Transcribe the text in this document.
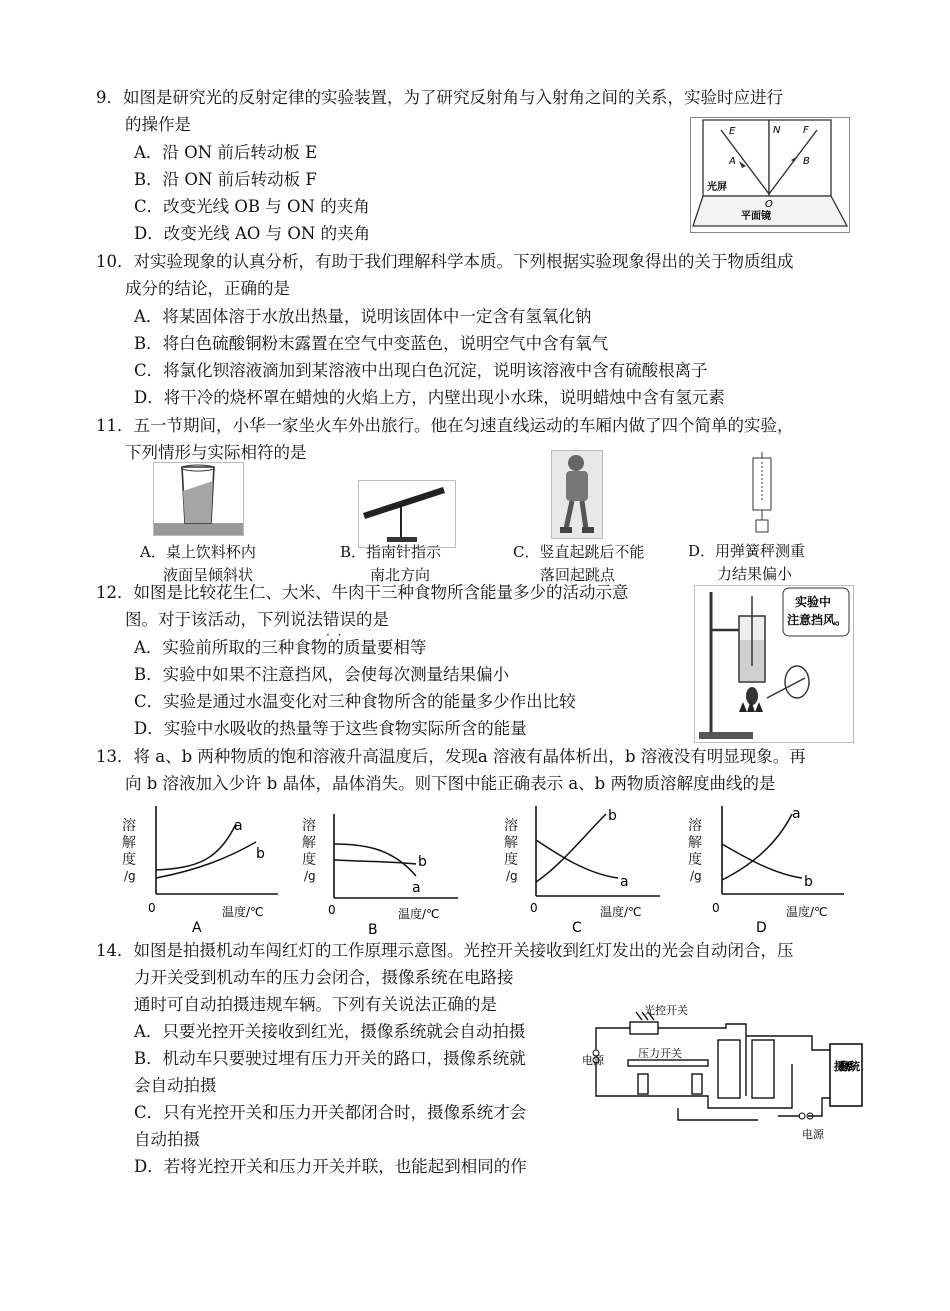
9．如图是研究光的反射定律的实验装置，为了研究反射角与入射角之间的关系，实验时应进行
的操作是
A．沿 ON 前后转动板 E
B．沿 ON 前后转动板 F
C．改变光线 OB 与 ON 的夹角
D．改变光线 AO 与 ON 的夹角
E	N F
A	B
O
光屏
平面镜
10．对实验现象的认真分析，有助于我们理解科学本质。下列根据实验现象得出的关于物质组成
成分的结论，正确的是
A．将某固体溶于水放出热量，说明该固体中一定含有氢氧化钠
B．将白色硫酸铜粉末露置在空气中变蓝色，说明空气中含有氧气
C．将氯化钡溶液滴加到某溶液中出现白色沉淀，说明该溶液中含有硫酸根离子
D．将干冷的烧杯罩在蜡烛的火焰上方，内壁出现小水珠，说明蜡烛中含有氢元素
11．五一节期间，小华一家坐火车外出旅行。他在匀速直线运动的车厢内做了四个简单的实验，
下列情形与实际相符的是
A．桌上饮料杯内
液面呈倾斜状
B．指南针指示
南北方向
C．竖直起跳后不能
落回起跳点
D．用弹簧秤测重
力结果偏小
12．如图是比较花生仁、大米、牛肉干三种食物所含能量多少的活动示意
图。对于该活动，下列说法错误 · ·的是
A．实验前所取的三种食物的质量要相等
B．实验中如果不注意挡风，会使每次测量结果偏小
C．实验是通过水温变化对三种食物所含的能量多少作出比较
D．实验中水吸收的热量等于这些食物实际所含的能量
实验中
注意挡风。
13．将 a、b 两种物质的饱和溶液升高温度后，发现a 溶液有晶体析出，b 溶液没有明显现象。再
向 b 溶液加入少许 b 晶体，晶体消失。则下图中能正确表示 a、b 两物质溶解度曲线的是
溶
解
度
/g
a
b
0	温度/℃
A
溶
解
度
/g
b
a
0	温度/℃
B
溶
解
度
/g
b
a
0	温度/℃
C
溶
解
度
/g
a
b
0	温度/℃
D
14．如图是拍摄机动车闯红灯的工作原理示意图。光控开关接收到红灯发出的光会自动闭合，压
力开关受到机动车的压力会闭合，摄像系统在电路接
通时可自动拍摄违规车辆。下列有关说法正确的是
A．只要光控开关接收到红光，摄像系统就会自动拍摄
B．机动车只要驶过埋有压力开关的路口，摄像系统就
会自动拍摄
C．只有光控开关和压力开关都闭合时，摄像系统才会
自动拍摄
D．若将光控开关和压力开关并联，也能起到相同的作
光控开关
压力开关
电源
电源
摄像系统
